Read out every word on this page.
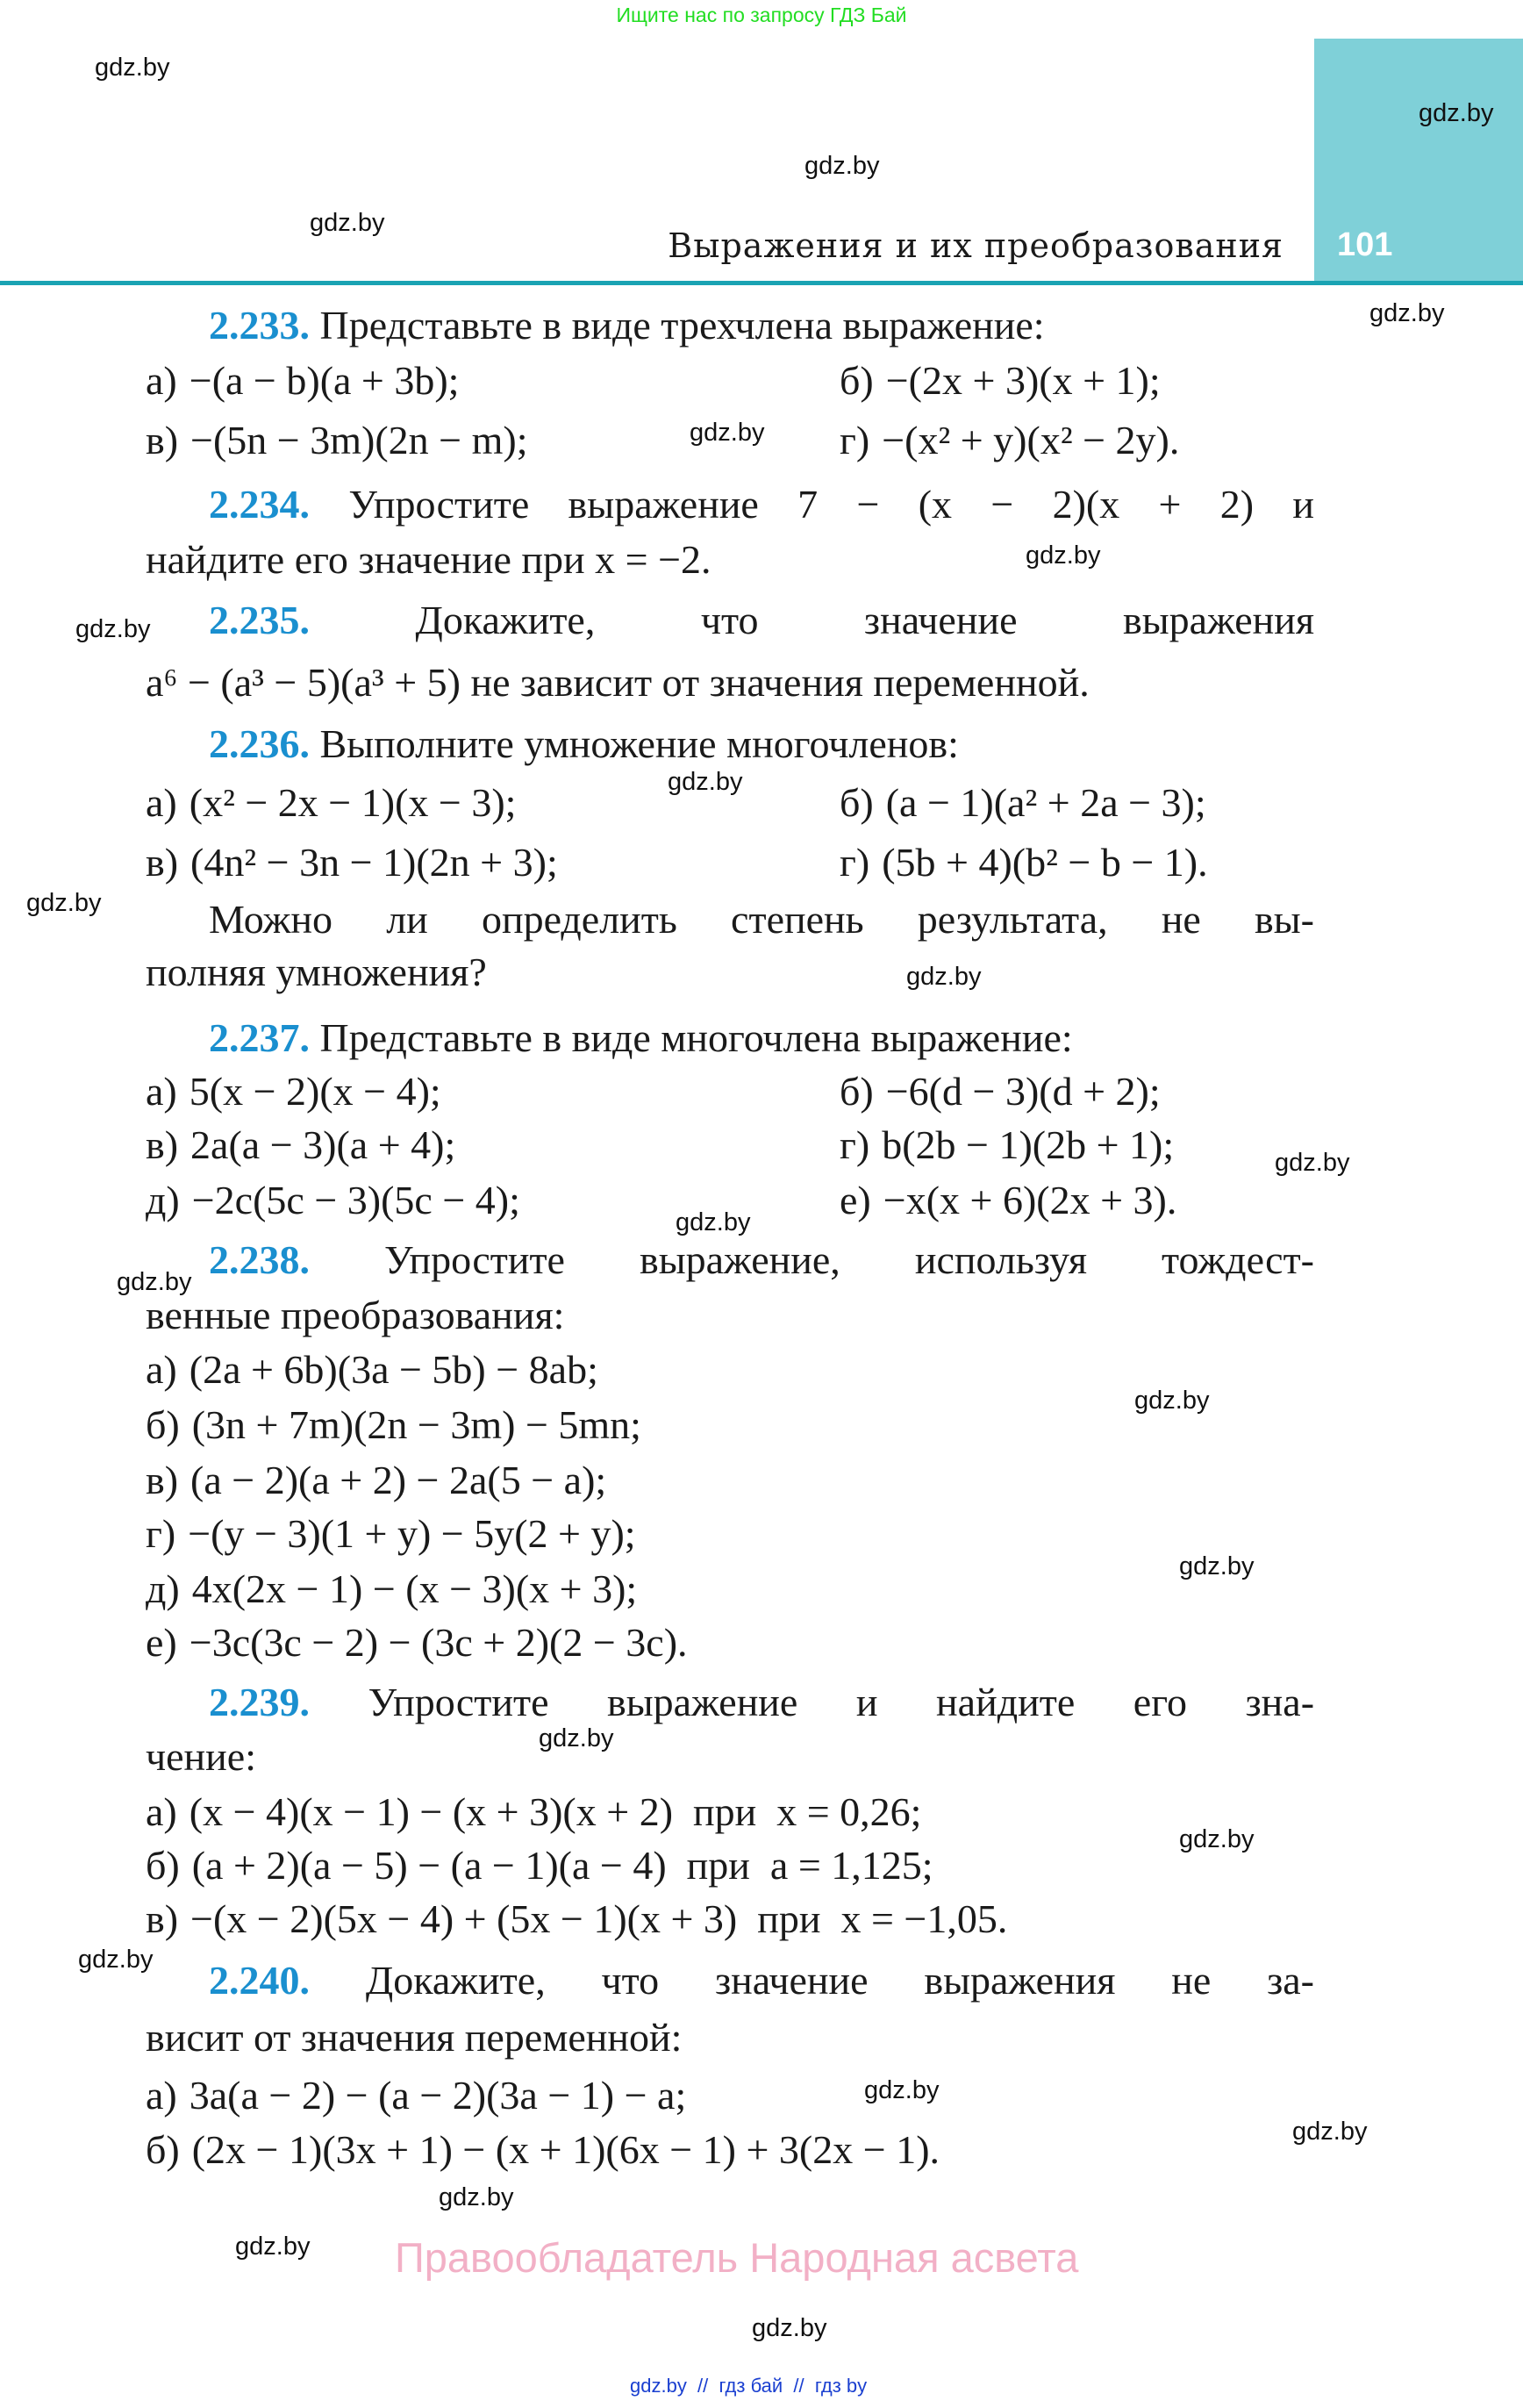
Ищите нас по запросу ГДЗ Бай
Выражения и их преобразования 101
2.233. Представьте в виде трехчлена выражение:
а) −(a − b)(a + 3b);	б) −(2x + 3)(x + 1);
в) −(5n − 3m)(2n − m);	г) −(x² + y)(x² − 2y).
2.234. Упростите выражение 7 − (x − 2)(x + 2) и
найдите его значение при x = −2.
2.235.	Докажите, что значение выражения
a⁶ − (a³ − 5)(a³ + 5) не зависит от значения переменной.
2.236. Выполните умножение многочленов:
а) (x² − 2x − 1)(x − 3);	б) (a − 1)(a² + 2a − 3);
в) (4n² − 3n − 1)(2n + 3);	г) (5b + 4)(b² − b − 1).
Можно ли определить степень результата, не вы-
полняя умножения?
2.237. Представьте в виде многочлена выражение:
а) 5(x − 2)(x − 4);	б) −6(d − 3)(d + 2);
в) 2a(a − 3)(a + 4);	г) b(2b − 1)(2b + 1);
д) −2c(5c − 3)(5c − 4);	е) −x(x + 6)(2x + 3).
2.238. Упростите выражение, используя тождест-
венные преобразования:
а) (2a + 6b)(3a − 5b) − 8ab;
б) (3n + 7m)(2n − 3m) − 5mn;
в) (a − 2)(a + 2) − 2a(5 − a);
г) −(y − 3)(1 + y) − 5y(2 + y);
д) 4x(2x − 1) − (x − 3)(x + 3);
е) −3c(3c − 2) − (3c + 2)(2 − 3c).
2.239. Упростите выражение и найдите его зна-
чение:
а) (x − 4)(x − 1) − (x + 3)(x + 2)  при  x = 0,26;
б) (a + 2)(a − 5) − (a − 1)(a − 4)  при  a = 1,125;
в) −(x − 2)(5x − 4) + (5x − 1)(x + 3)  при  x = −1,05.
2.240. Докажите, что значение выражения не за-
висит от значения переменной:
а) 3a(a − 2) − (a − 2)(3a − 1) − a;
б) (2x − 1)(3x + 1) − (x + 1)(6x − 1) + 3(2x − 1).
gdz.by
gdz.by
gdz.by
gdz.by
gdz.by
gdz.by
gdz.by
gdz.by
gdz.by
gdz.by
gdz.by
gdz.by
gdz.by
gdz.by
gdz.by
gdz.by
gdz.by
gdz.by
gdz.by
gdz.by
gdz.by
gdz.by
gdz.by
gdz.by
Правообладатель Народная асвета
gdz.by  //  гдз бай  //  гдз by
